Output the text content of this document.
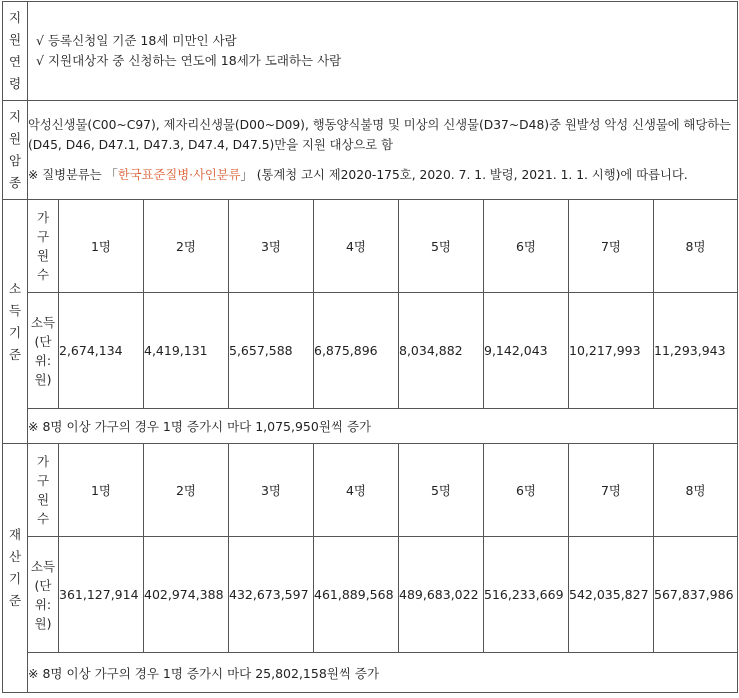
지원연령	√ 등록신청일 기준 18세 미만인 사람
√ 지원대상자 중 신청하는 연도에 18세가 도래하는 사람								

지원암종	악성신생물(C00~C97), 제자리신생물(D00~D09), 행동양식불명 및 미상의 신생물(D37~D48)중 원발성 악성 신생물에 해당하는
(D45, D46, D47.1, D47.3, D47.4, D47.5)만을 지원 대상으로 함
※ 질병분류는 「한국표준질병·사인분류」 (통계청 고시 제2020-175호, 2020. 7. 1. 발령, 2021. 1. 1. 시행)에 따릅니다.								

소득기준	가구원수	1명	2명	3명	4명	5명	6명	7명	8명

	소득(단위:원)	2,674,134	4,419,131	5,657,588	6,875,896	8,034,882	9,142,043	10,217,993	11,293,943
	※ 8명 이상 가구의 경우 1명 증가시 마다 1,075,950원씩 증가								

재산기준	가구원수	1명	2명	3명	4명	5명	6명	7명	8명

	소득(단위:원)	361,127,914	402,974,388	432,673,597	461,889,568	489,683,022	516,233,669	542,035,827	567,837,986
	※ 8명 이상 가구의 경우 1명 증가시 마다 25,802,158원씩 증가								
